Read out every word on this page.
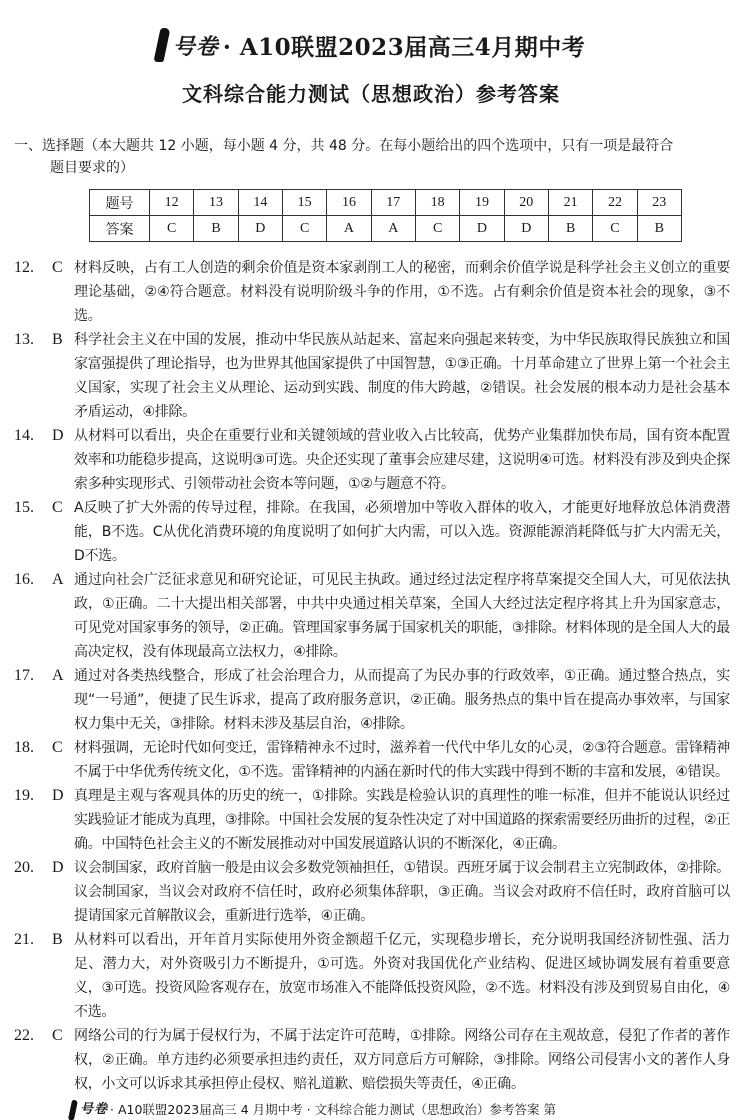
号卷 · A10联盟2023届高三4月期中考
文科综合能力测试（思想政治）参考答案
一、选择题（本大题共 12 小题，每小题 4 分，共 48 分。在每小题给出的四个选项中，只有一项是最符合
题目要求的）
题号	12	13	14	15	16	17	18	19	20	21	22	23
答案	C	B	D	C	A	A	C	D	D	B	C	B
12.	C 材料反映，占有工人创造的剩余价值是资本家剥削工人的秘密，而剩余价值学说是科学社会主义创立的重要理论基础，②④符合题意。材料没有说明阶级斗争的作用，①不选。占有剩余价值是资本社会的现象，③不选。
13.	B 科学社会主义在中国的发展，推动中华民族从站起来、富起来向强起来转变，为中华民族取得民族独立和国家富强提供了理论指导，也为世界其他国家提供了中国智慧，①③正确。十月革命建立了世界上第一个社会主义国家，实现了社会主义从理论、运动到实践、制度的伟大跨越，②错误。社会发展的根本动力是社会基本矛盾运动，④排除。
14.	D 从材料可以看出，央企在重要行业和关键领域的营业收入占比较高，优势产业集群加快布局，国有资本配置效率和功能稳步提高，这说明③可选。央企还实现了董事会应建尽建，这说明④可选。材料没有涉及到央企探索多种实现形式、引领带动社会资本等问题，①②与题意不符。
15.	C A反映了扩大外需的传导过程，排除。在我国，必须增加中等收入群体的收入，才能更好地释放总体消费潜能，B不选。C从优化消费环境的角度说明了如何扩大内需，可以入选。资源能源消耗降低与扩大内需无关，D不选。
16.	A 通过向社会广泛征求意见和研究论证，可见民主执政。通过经过法定程序将草案提交全国人大，可见依法执政，①正确。二十大提出相关部署，中共中央通过相关草案，全国人大经过法定程序将其上升为国家意志，可见党对国家事务的领导，②正确。管理国家事务属于国家机关的职能，③排除。材料体现的是全国人大的最高决定权，没有体现最高立法权力，④排除。
17.	A 通过对各类热线整合，形成了社会治理合力，从而提高了为民办事的行政效率，①正确。通过整合热点，实现“一号通”，便捷了民生诉求，提高了政府服务意识，②正确。服务热点的集中旨在提高办事效率，与国家权力集中无关，③排除。材料未涉及基层自治，④排除。
18.	C 材料强调，无论时代如何变迁，雷锋精神永不过时，滋养着一代代中华儿女的心灵，②③符合题意。雷锋精神不属于中华优秀传统文化，①不选。雷锋精神的内涵在新时代的伟大实践中得到不断的丰富和发展，④错误。
19.	D 真理是主观与客观具体的历史的统一，①排除。实践是检验认识的真理性的唯一标准，但并不能说认识经过实践验证才能成为真理，③排除。中国社会发展的复杂性决定了对中国道路的探索需要经历曲折的过程，②正确。中国特色社会主义的不断发展推动对中国发展道路认识的不断深化，④正确。
20.	D 议会制国家，政府首脑一般是由议会多数党领袖担任，①错误。西班牙属于议会制君主立宪制政体，②排除。议会制国家，当议会对政府不信任时，政府必须集体辞职，③正确。当议会对政府不信任时，政府首脑可以提请国家元首解散议会，重新进行选举，④正确。
21.	B 从材料可以看出，开年首月实际使用外资金额超千亿元，实现稳步增长，充分说明我国经济韧性强、活力足、潜力大，对外资吸引力不断提升，①可选。外资对我国优化产业结构、促进区域协调发展有着重要意义，③可选。投资风险客观存在，放宽市场准入不能降低投资风险，②不选。材料没有涉及到贸易自由化，④不选。
22.	C 网络公司的行为属于侵权行为，不属于法定许可范畴，①排除。网络公司存在主观故意，侵犯了作者的著作权，②正确。单方违约必须要承担违约责任，双方同意后方可解除，③排除。网络公司侵害小文的著作人身权，小文可以诉求其承担停止侵权、赔礼道歉、赔偿损失等责任，④正确。
号卷 · A10联盟2023届高三 4 月期中考 · 文科综合能力测试（思想政治）参考答案 第
